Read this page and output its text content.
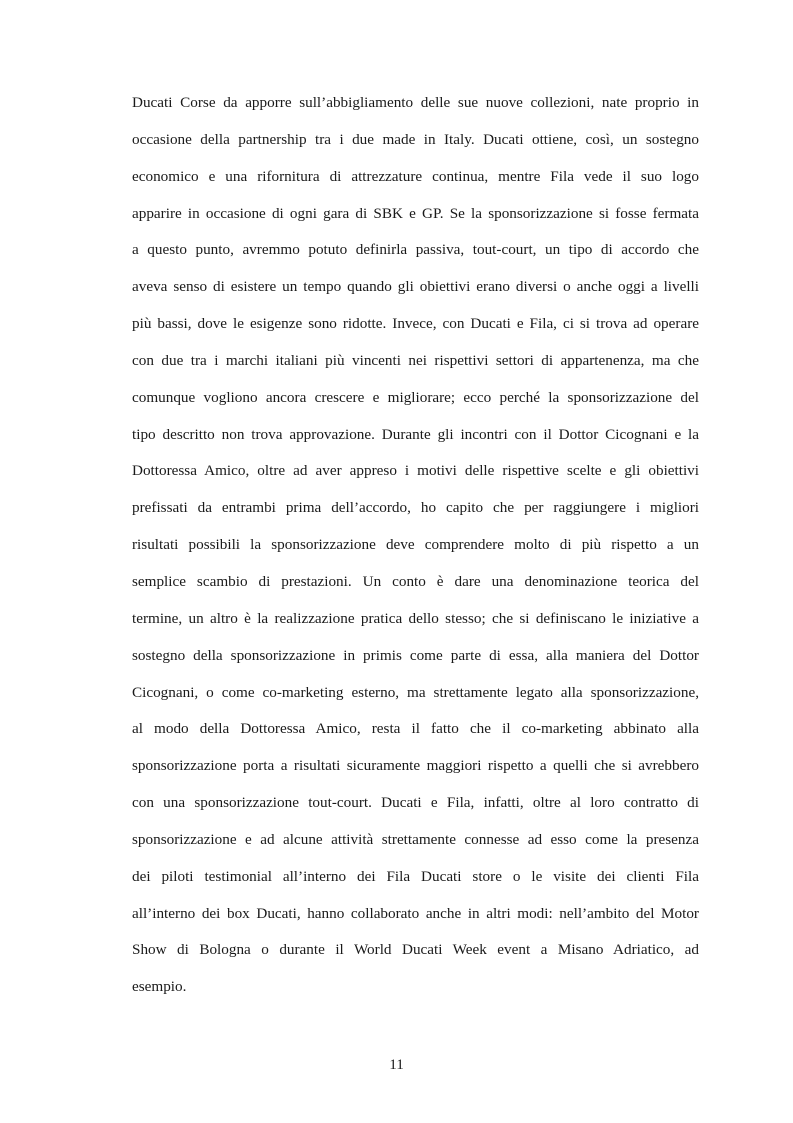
Ducati Corse da apporre sull’abbigliamento delle sue nuove collezioni, nate proprio in
occasione della partnership tra i due made in Italy. Ducati ottiene, così, un sostegno
economico e una rifornitura di attrezzature continua, mentre Fila vede il suo logo
apparire in occasione di ogni gara di SBK e GP. Se la sponsorizzazione si fosse fermata
a questo punto, avremmo potuto definirla passiva, tout-court, un tipo di accordo che
aveva senso di esistere un tempo quando gli obiettivi erano diversi o anche oggi a livelli
più bassi, dove le esigenze sono ridotte. Invece, con Ducati e Fila, ci si trova ad operare
con due tra i marchi italiani più vincenti nei rispettivi settori di appartenenza, ma che
comunque vogliono ancora crescere e migliorare; ecco perché la sponsorizzazione del
tipo descritto non trova approvazione. Durante gli incontri con il Dottor Cicognani e la
Dottoressa Amico, oltre ad aver appreso i motivi delle rispettive scelte e gli obiettivi
prefissati da entrambi prima dell’accordo, ho capito che per raggiungere i migliori
risultati possibili la sponsorizzazione deve comprendere molto di più rispetto a un
semplice scambio di prestazioni. Un conto è dare una denominazione teorica del
termine, un altro è la realizzazione pratica dello stesso; che si definiscano le iniziative a
sostegno della sponsorizzazione in primis come parte di essa, alla maniera del Dottor
Cicognani, o come co-marketing esterno, ma strettamente legato alla sponsorizzazione,
al modo della Dottoressa Amico, resta il fatto che il co-marketing abbinato alla
sponsorizzazione porta a risultati sicuramente maggiori rispetto a quelli che si avrebbero
con una sponsorizzazione tout-court. Ducati e Fila, infatti, oltre al loro contratto di
sponsorizzazione e ad alcune attività strettamente connesse ad esso come la presenza
dei piloti testimonial all’interno dei Fila Ducati store o le visite dei clienti Fila
all’interno dei box Ducati, hanno collaborato anche in altri modi: nell’ambito del Motor
Show di Bologna o durante il World Ducati Week event a Misano Adriatico, ad
esempio.
11
